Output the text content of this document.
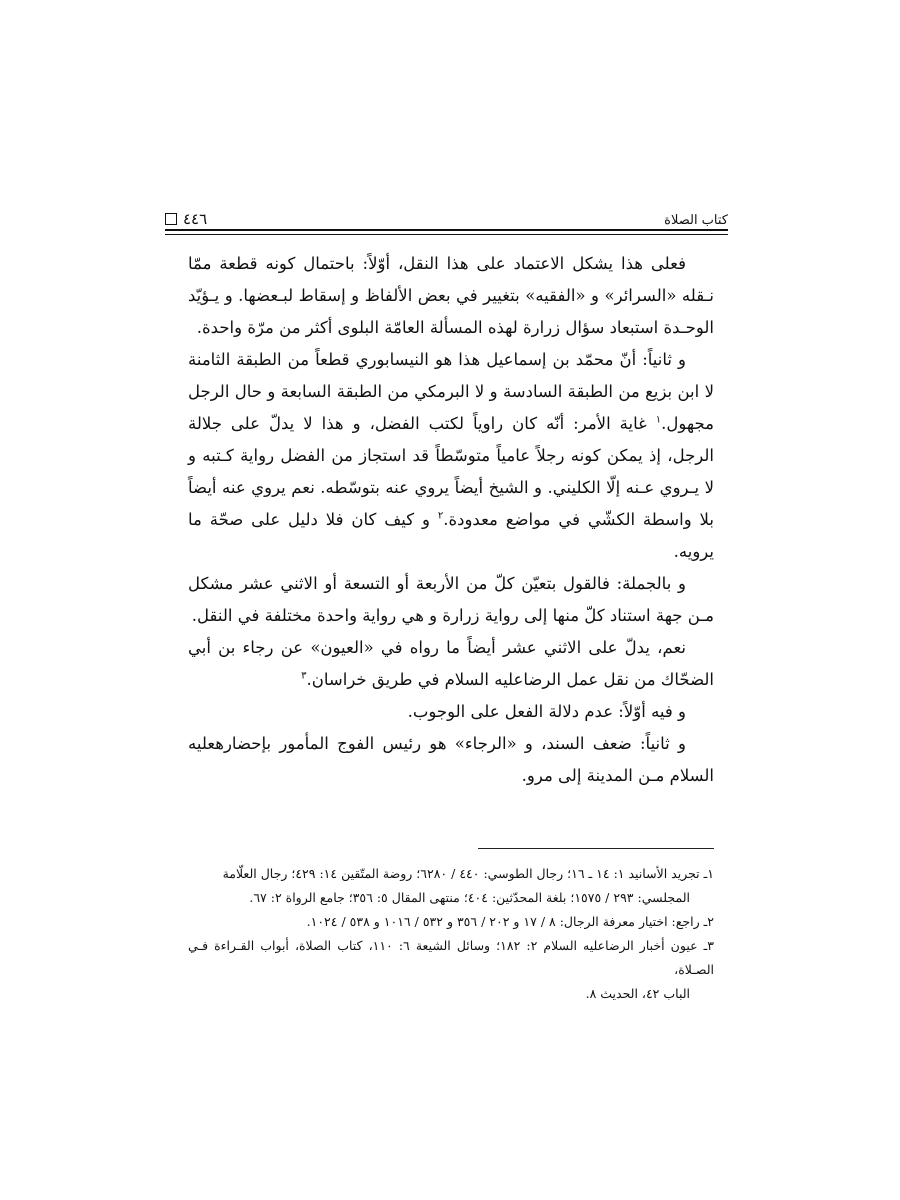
٤٤٦	كتاب الصلاة

فعلى هذا يشكل الاعتماد على هذا النقل، أوّلاً: باحتمال كونه قطعة ممّا نـقله «السرائر» و «الفقيه» بتغيير في بعض الألفاظ و إسقاط لبـعضها. و يـؤيّد الوحـدة استبعاد سؤال زرارة لهذه المسألة العامّة البلوى أكثر من مرّة واحدة.

و ثانياً: أنّ محمّد بن إسماعيل هذا هو النيسابوري قطعاً من الطبقة الثامنة لا ابن بزيع من الطبقة السادسة و لا البرمكي من الطبقة السابعة و حال الرجل مجهول.$^١$ غاية الأمر: أنّه كان راوياً لكتب الفضل، و هذا لا يدلّ على جلالة الرجل، إذ يمكن كونه رجلاً عامياً متوسّطاً قد استجاز من الفضل رواية كـتبه و لا يـروي عـنه إلّا الكليني. و الشيخ أيضاً يروي عنه بتوسّطه. نعم يروي عنه أيضاً بلا واسطة الكشّي في مواضع معدودة.$^٢$ و كيف كان فلا دليل على صحّة ما يرويه.

و بالجملة: فالقول بتعيّن كلّ من الأربعة أو التسعة أو الاثني عشر مشكل مـن جهة استناد كلّ منها إلى رواية زرارة و هي رواية واحدة مختلفة في النقل.

نعم، يدلّ على الاثني عشر أيضاً ما رواه في «العيون» عن رجاء بن أبي الضحّاك من نقل عمل الرضاعليه السلام في طريق خراسان.$^٣$

و فيه أوّلاً: عدم دلالة الفعل على الوجوب.

و ثانياً: ضعف السند، و «الرجاء» هو رئيس الفوج المأمور بإحضارهعليه السلام مـن المدينة إلى مرو.

١ـ تجريد الأسانيد ١: ١٤ ـ ١٦؛ رجال الطوسي: ٤٤٠ / ٦٢٨٠؛ روضة المتّقين ١٤: ٤٢٩؛ رجال العلّامة

المجلسي: ٢٩٣ / ١٥٧٥؛ بلغة المحدّثين: ٤٠٤؛ منتهى المقال ٥: ٣٥٦؛ جامع الرواة ٢: ٦٧.

٢ـ راجع: اختيار معرفة الرجال: ٨ / ١٧ و ٢٠٢ / ٣٥٦ و ٥٣٢ / ١٠١٦ و ٥٣٨ / ١٠٢٤.

٣ـ عيون أخبار الرضاعليه السلام ٢: ١٨٢؛ وسائل الشيعة ٦: ١١٠، كتاب الصلاة، أبواب القـراءة فـي الصـلاة،

الباب ٤٢، الحديث ٨.
